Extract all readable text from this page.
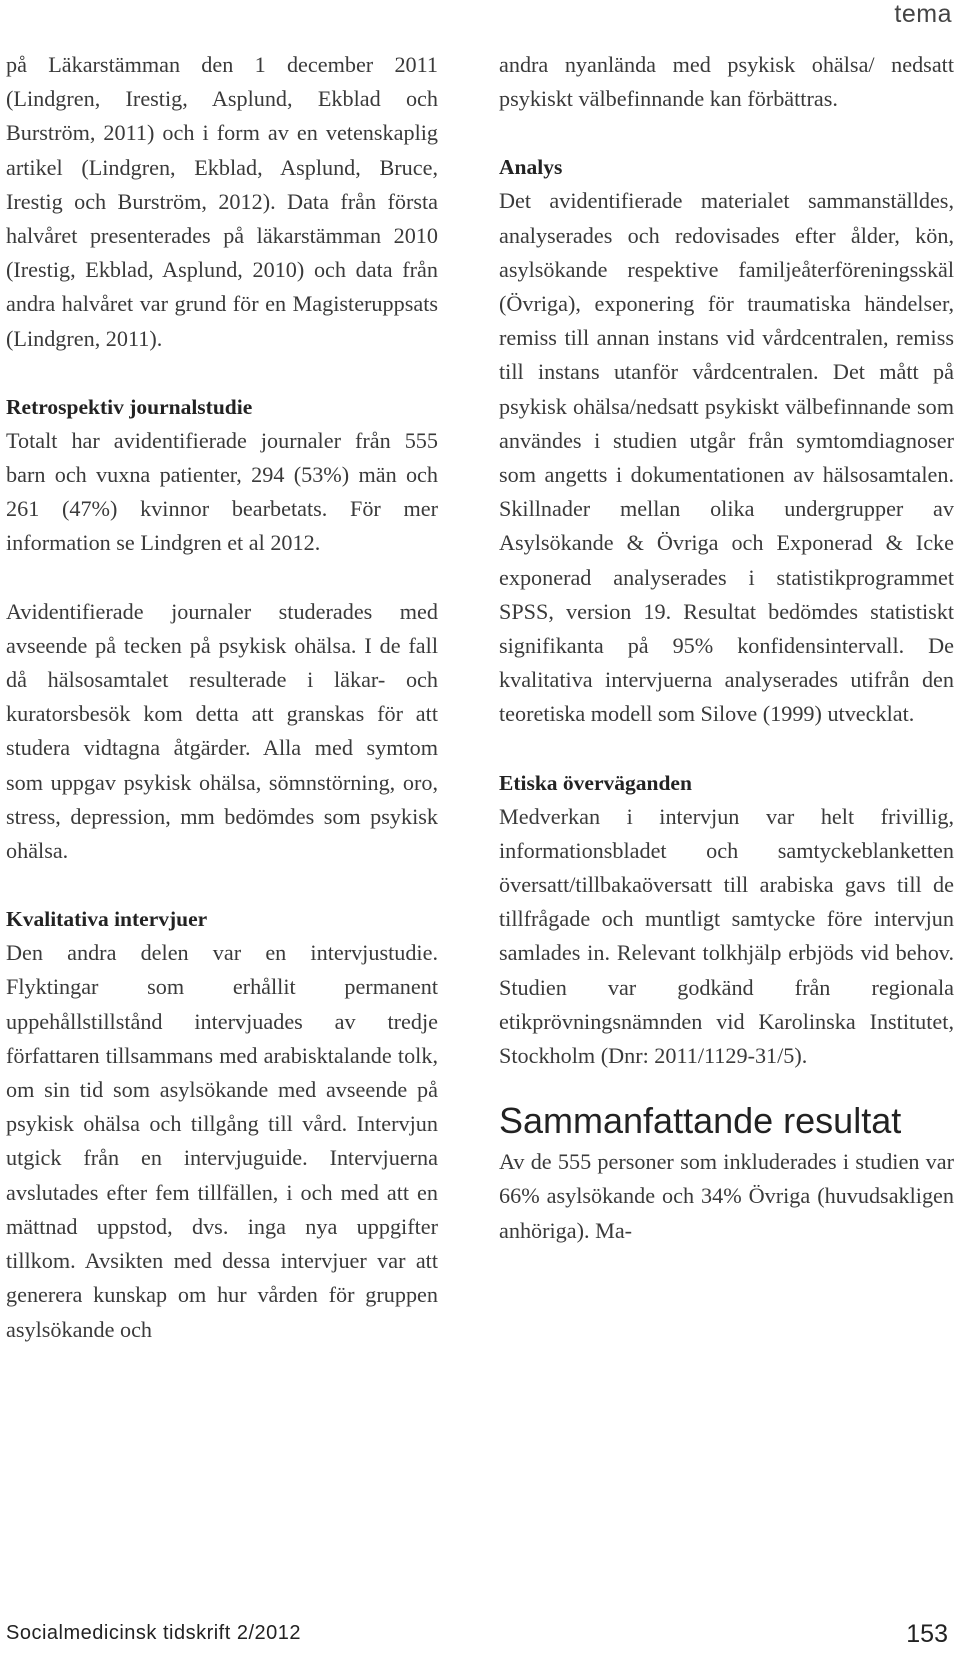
tema

på Läkarstämman den 1 december 2011 (Lindgren, Irestig, Asplund, Ekblad och Burström, 2011) och i form av en vetenskaplig artikel (Lindgren, Ekblad, Asplund, Bruce, Irestig och Burström, 2012). Data från första halvåret presenterades på läkarstämman 2010 (Irestig, Ekblad, Asplund, 2010) och data från andra halvåret var grund för en Magisteruppsats (Lindgren, 2011).

Retrospektiv journalstudie

Totalt har avidentifierade journaler från 555 barn och vuxna patienter, 294 (53%) män och 261 (47%) kvinnor bearbetats. För mer information se Lindgren et al 2012.

Avidentifierade journaler studerades med avseende på tecken på psykisk ohälsa. I de fall då hälsosamtalet resulterade i läkar- och kuratorsbesök kom detta att granskas för att studera vidtagna åtgärder. Alla med symtom som uppgav psykisk ohälsa, sömnstörning, oro, stress, depression, mm bedömdes som psykisk ohälsa.

Kvalitativa intervjuer

Den andra delen var en intervjustudie. Flyktingar som erhållit permanent uppehållstillstånd intervjuades av tredje författaren tillsammans med arabisktalande tolk, om sin tid som asylsökande med avseende på psykisk ohälsa och tillgång till vård. Intervjun utgick från en intervjuguide. Intervjuerna avslutades efter fem tillfällen, i och med att en mättnad uppstod, dvs. inga nya uppgifter tillkom. Avsikten med dessa intervjuer var att generera kunskap om hur vården för gruppen asylsökande och

andra nyanlända med psykisk ohälsa/ nedsatt psykiskt välbefinnande kan förbättras.

Analys

Det avidentifierade materialet sammanställdes, analyserades och redovisades efter ålder, kön, asylsökande respektive familjeåterföreningsskäl (Övriga), exponering för traumatiska händelser, remiss till annan instans vid vårdcentralen, remiss till instans utanför vårdcentralen. Det mått på psykisk ohälsa/nedsatt psykiskt välbefinnande som användes i studien utgår från symtomdiagnoser som angetts i dokumentationen av hälsosamtalen. Skillnader mellan olika undergrupper av Asylsökande & Övriga och Exponerad & Icke exponerad analyserades i statistikprogrammet SPSS, version 19. Resultat bedömdes statistiskt signifikanta på 95% konfidensintervall. De kvalitativa intervjuerna analyserades utifrån den teoretiska modell som Silove (1999) utvecklat.

Etiska överväganden

Medverkan i intervjun var helt frivillig, informationsbladet och samtyckeblanketten översatt/tillbakaöversatt till arabiska gavs till de tillfrågade och muntligt samtycke före intervjun samlades in. Relevant tolkhjälp erbjöds vid behov. Studien var godkänd från regionala etikprövningsnämnden vid Karolinska Institutet, Stockholm (Dnr: 2011/1129-31/5).

Sammanfattande resultat

Av de 555 personer som inkluderades i studien var 66% asylsökande och 34% Övriga (huvudsakligen anhöriga). Ma-

Socialmedicinsk tidskrift 2/2012	153
